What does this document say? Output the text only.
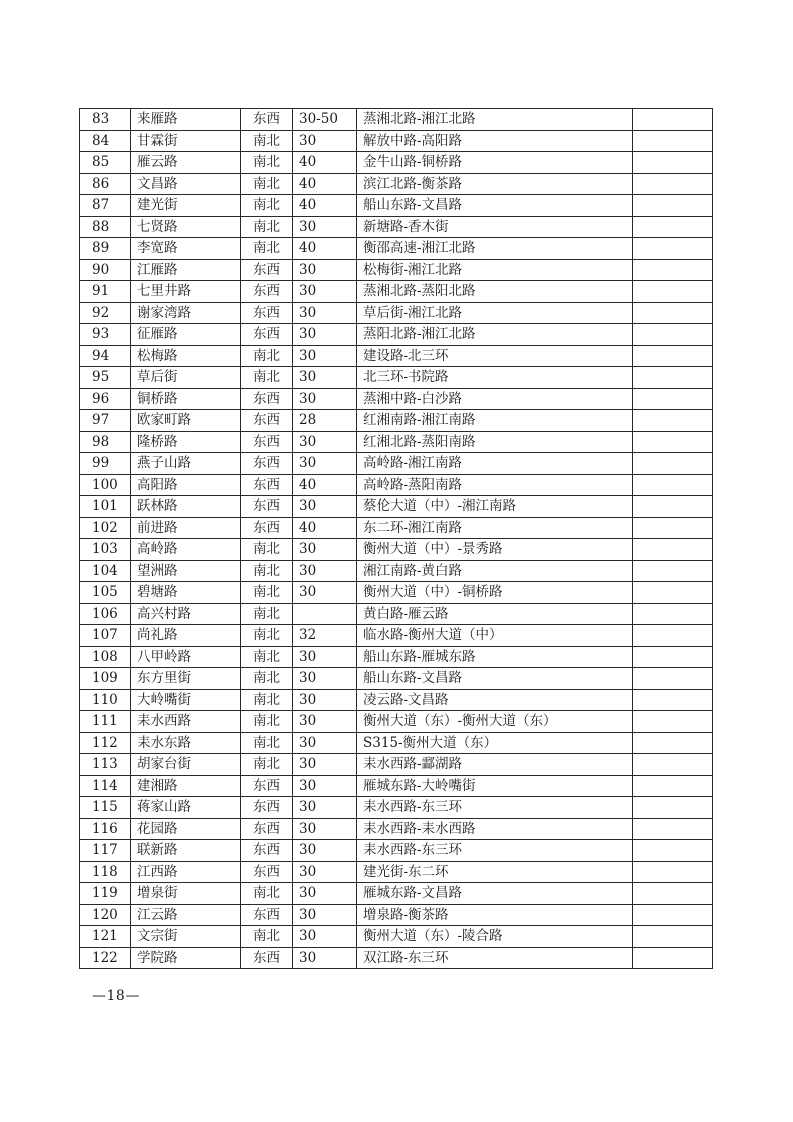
83	来雁路	东西	30-50	蒸湘北路-湘江北路	
84	甘霖街	南北	30	解放中路-高阳路	
85	雁云路	南北	40	金牛山路-铜桥路	
86	文昌路	南北	40	滨江北路-衡茶路	
87	建光街	南北	40	船山东路-文昌路	
88	七贤路	南北	30	新塘路-香木街	
89	李宽路	南北	40	衡邵高速-湘江北路	
90	江雁路	东西	30	松梅街-湘江北路	
91	七里井路	东西	30	蒸湘北路-蒸阳北路	
92	谢家湾路	东西	30	草后街-湘江北路	
93	征雁路	东西	30	蒸阳北路-湘江北路	
94	松梅路	南北	30	建设路-北三环	
95	草后街	南北	30	北三环-书院路	
96	铜桥路	东西	30	蒸湘中路-白沙路	
97	欧家町路	东西	28	红湘南路-湘江南路	
98	隆桥路	东西	30	红湘北路-蒸阳南路	
99	燕子山路	东西	30	高岭路-湘江南路	
100	高阳路	东西	40	高岭路-蒸阳南路	
101	跃林路	东西	30	蔡伦大道（中）-湘江南路	
102	前进路	东西	40	东二环-湘江南路	
103	高岭路	南北	30	衡州大道（中）-景秀路	
104	望洲路	南北	30	湘江南路-黄白路	
105	碧塘路	南北	30	衡州大道（中）-铜桥路	
106	高兴村路	南北		黄白路-雁云路	
107	尚礼路	南北	32	临水路-衡州大道（中）	
108	八甲岭路	南北	30	船山东路-雁城东路	
109	东方里街	南北	30	船山东路-文昌路	
110	大岭嘴街	南北	30	凌云路-文昌路	
111	耒水西路	南北	30	衡州大道（东）-衡州大道（东）	
112	耒水东路	南北	30	S315-衡州大道（东）	
113	胡家台街	南北	30	耒水西路-酃湖路	
114	建湘路	东西	30	雁城东路-大岭嘴街	
115	蒋家山路	东西	30	耒水西路-东三环	
116	花园路	东西	30	耒水西路-耒水西路	
117	联新路	东西	30	耒水西路-东三环	
118	江西路	东西	30	建光街-东二环	
119	增泉街	南北	30	雁城东路-文昌路	
120	江云路	东西	30	增泉路-衡茶路	
121	文宗街	南北	30	衡州大道（东）-陵合路	
122	学院路	东西	30	双江路-东三环	
—18—
